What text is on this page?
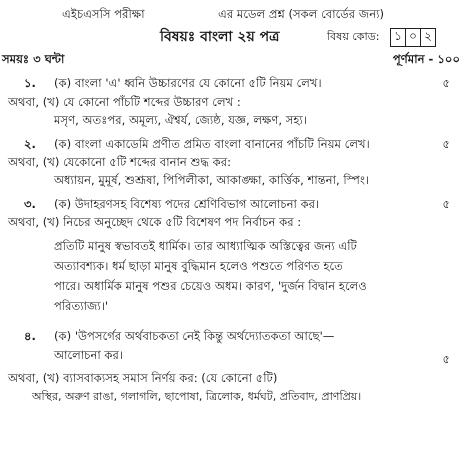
এইচএসসি পরীক্ষা	এর মডেল প্রশ্ন (সকল বোর্ডের জন্য)
বিষয়ঃ বাংলা ২য় পত্র	বিষয় কোড: ১ ০ ২
সময়ঃ ৩ ঘন্টা	পূর্ণমান - ১০০
১. (ক) বাংলা 'এ' ধ্বনি উচ্চারণের যে কোনো ৫টি নিয়ম লেখ।	৫
অথবা, (খ) যে কোনো পাঁচটি শব্দের উচ্চারণ লেখ :
মসৃণ, অতঃপর, অমূল্য, ঐশ্বর্য, জ্যেষ্ঠ, যজ্ঞ, লক্ষণ, সহ্য।
২. (ক) বাংলা একাডেমি প্রণীত প্রমিত বাংলা বানানের পাঁচটি নিয়ম লেখ।	৫
অথবা, (খ) যেকোনো ৫টি শব্দের বানান শুদ্ধ কর:
অধ্যায়ন, মুমূর্ষ, শুশ্রূষা, পিপিলীকা, আকাঙ্ক্ষা, কার্ত্তিক, শান্তনা, স্পিং।
৩. (ক) উদাহরণসহ বিশেষ্য পদের শ্রেণিবিভাগ আলোচনা কর।	৫
অথবা, (খ) নিচের অনুচ্ছেদ থেকে ৫টি বিশেষণ পদ নির্বাচন কর :
প্রতিটি মানুষ স্বভাবতই ধার্মিক। তার আধ্যাত্মিক অস্তিত্বের জন্য এটি
অত্যাবশ্যক। ধর্ম ছাড়া মানুষ বুদ্ধিমান হলেও পশুতে পরিণত হতে
পারে। অধার্মিক মানুষ পশুর চেয়েও অধম। কারণ, 'দুর্জন বিদ্বান হলেও
পরিত্যাজ্য।'
৪. (ক) 'উপসর্গের অর্থবাচকতা নেই কিন্তু অর্থদ্যোতকতা আছে'—
আলোচনা কর।	৫
অথবা, (খ) ব্যাসবাক্যসহ সমাস নির্ণয় কর: (যে কোনো ৫টি)
অস্থির, অরুণ রাঙা, গলাগলি, ছাপোষা, ত্রিলোক, ধর্মঘট, প্রতিবাদ, প্রাণপ্রিয়।
